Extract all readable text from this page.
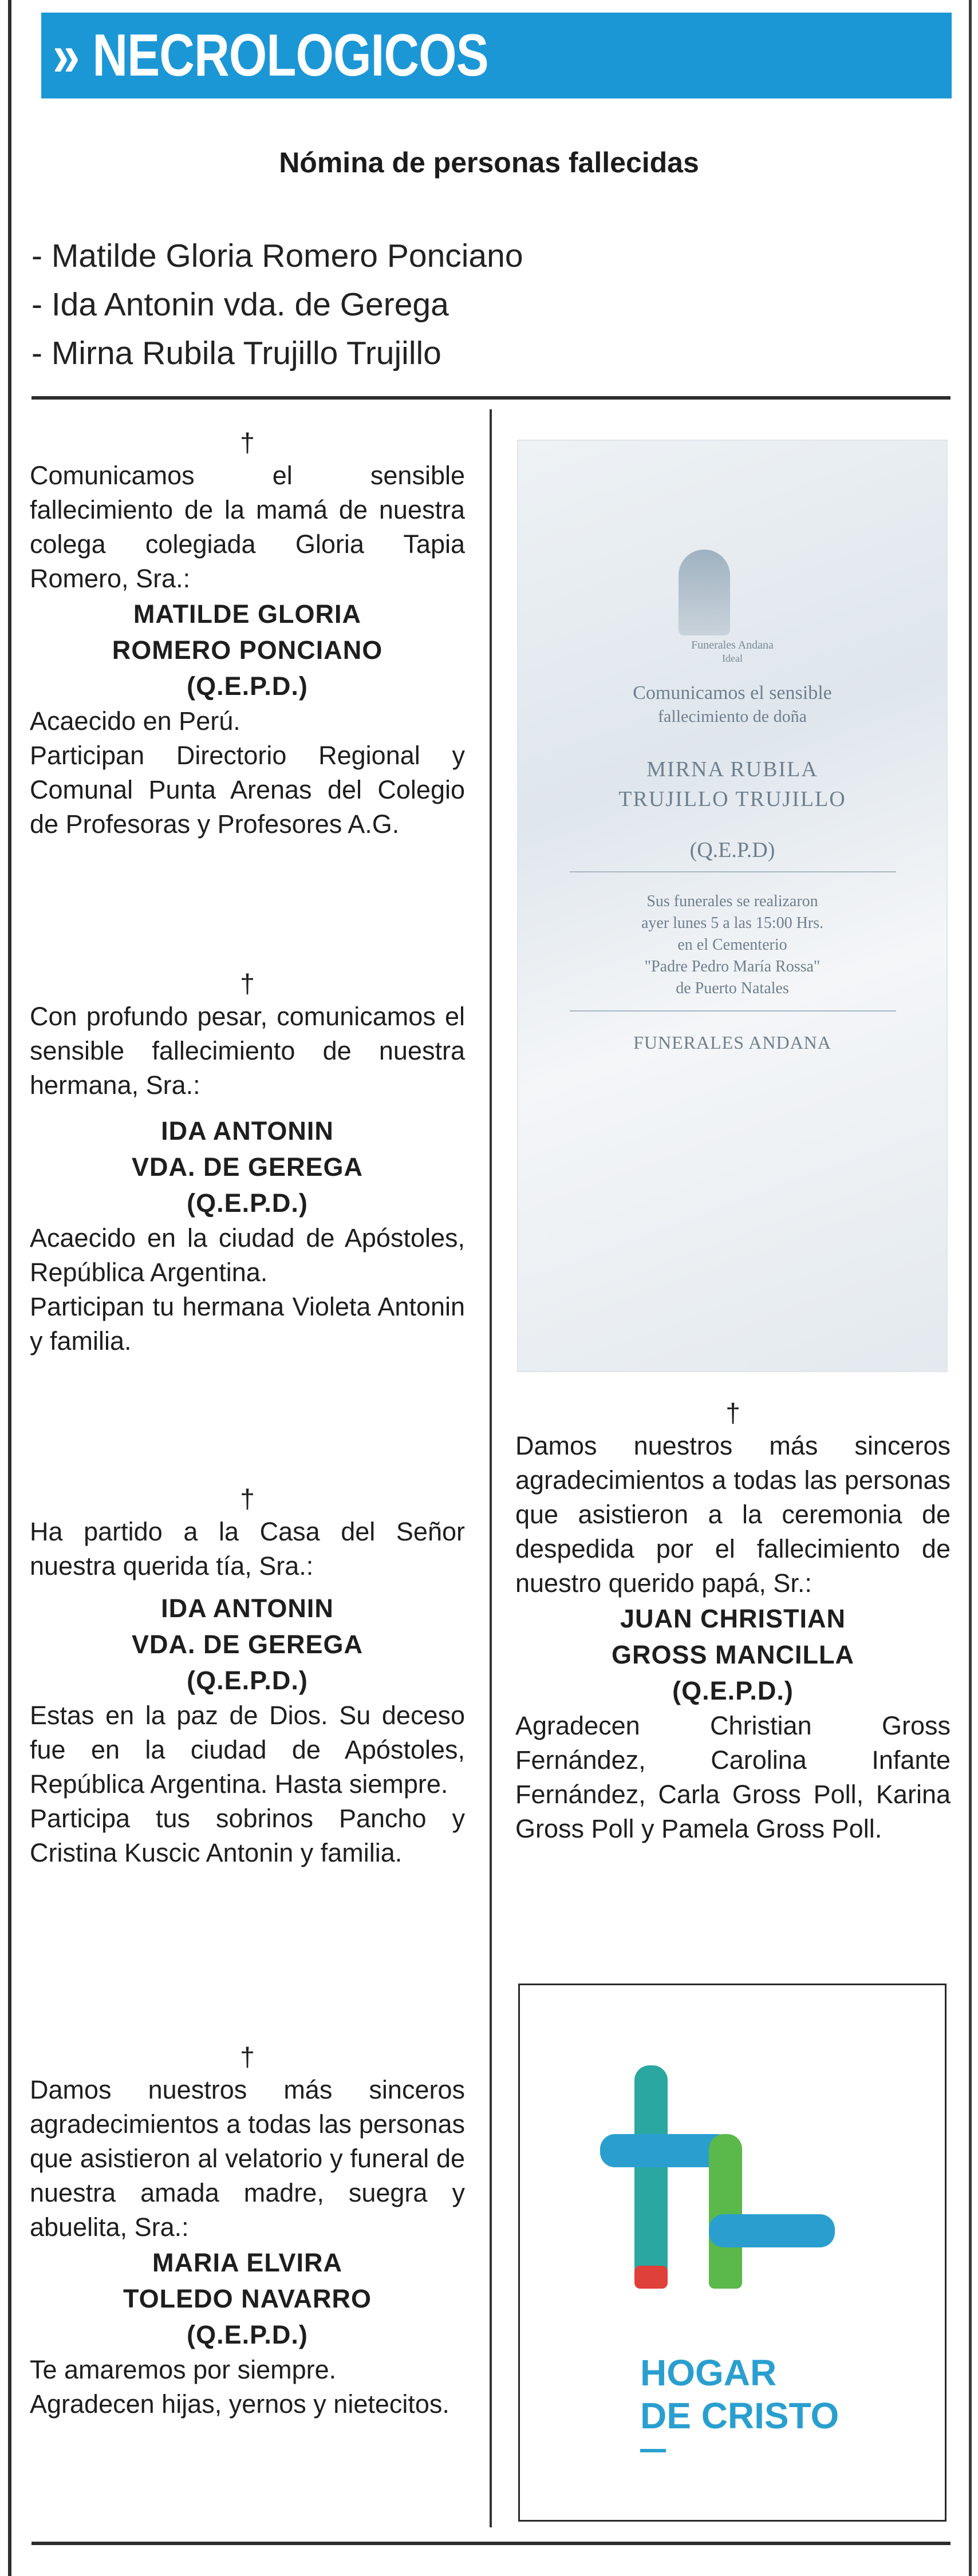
» NECROLOGICOS
Nómina de personas fallecidas
- Matilde Gloria Romero Ponciano
- Ida Antonin vda. de Gerega
- Mirna Rubila Trujillo Trujillo
†

Comunicamos el sensible fallecimiento de la mamá de nuestra colega colegiada Gloria Tapia Romero, Sra.:

MATILDE GLORIA
ROMERO PONCIANO
(Q.E.P.D.)

Acaecido en Perú.

Participan Directorio Regional y Comunal Punta Arenas del Colegio de Profesoras y Profesores A.G.

†

Con profundo pesar, comunicamos el sensible fallecimiento de nuestra hermana, Sra.:

IDA ANTONIN
VDA. DE GEREGA
(Q.E.P.D.)

Acaecido en la ciudad de Apóstoles, República Argentina.

Participan tu hermana Violeta Antonin y familia.

†

Ha partido a la Casa del Señor nuestra querida tía, Sra.:

IDA ANTONIN
VDA. DE GEREGA
(Q.E.P.D.)

Estas en la paz de Dios. Su deceso fue en la ciudad de Apóstoles, República Argentina. Hasta siempre.

Participa tus sobrinos Pancho y Cristina Kuscic Antonin y familia.

†

Damos nuestros más sinceros agradecimientos a todas las personas que asistieron al velatorio y funeral de nuestra amada madre, suegra y abuelita, Sra.:

MARIA ELVIRA
TOLEDO NAVARRO
(Q.E.P.D.)

Te amaremos por siempre.

Agradecen hijas, yernos y nietecitos.

Funerales Andana
Ideal
Comunicamos el sensible
fallecimiento de doña
MIRNA RUBILA
TRUJILLO TRUJILLO
(Q.E.P.D)
Sus funerales se realizaron
ayer lunes 5 a las 15:00 Hrs.
en el Cementerio
"Padre Pedro María Rossa"
de Puerto Natales
FUNERALES ANDANA
†

Damos nuestros más sinceros agradecimientos a todas las personas que asistieron a la ceremonia de despedida por el fallecimiento de nuestro querido papá, Sr.:

JUAN CHRISTIAN
GROSS MANCILLA
(Q.E.P.D.)

Agradecen Christian Gross Fernández, Carolina Infante Fernández, Carla Gross Poll, Karina Gross Poll y Pamela Gross Poll.

HOGAR
DE CRISTO
